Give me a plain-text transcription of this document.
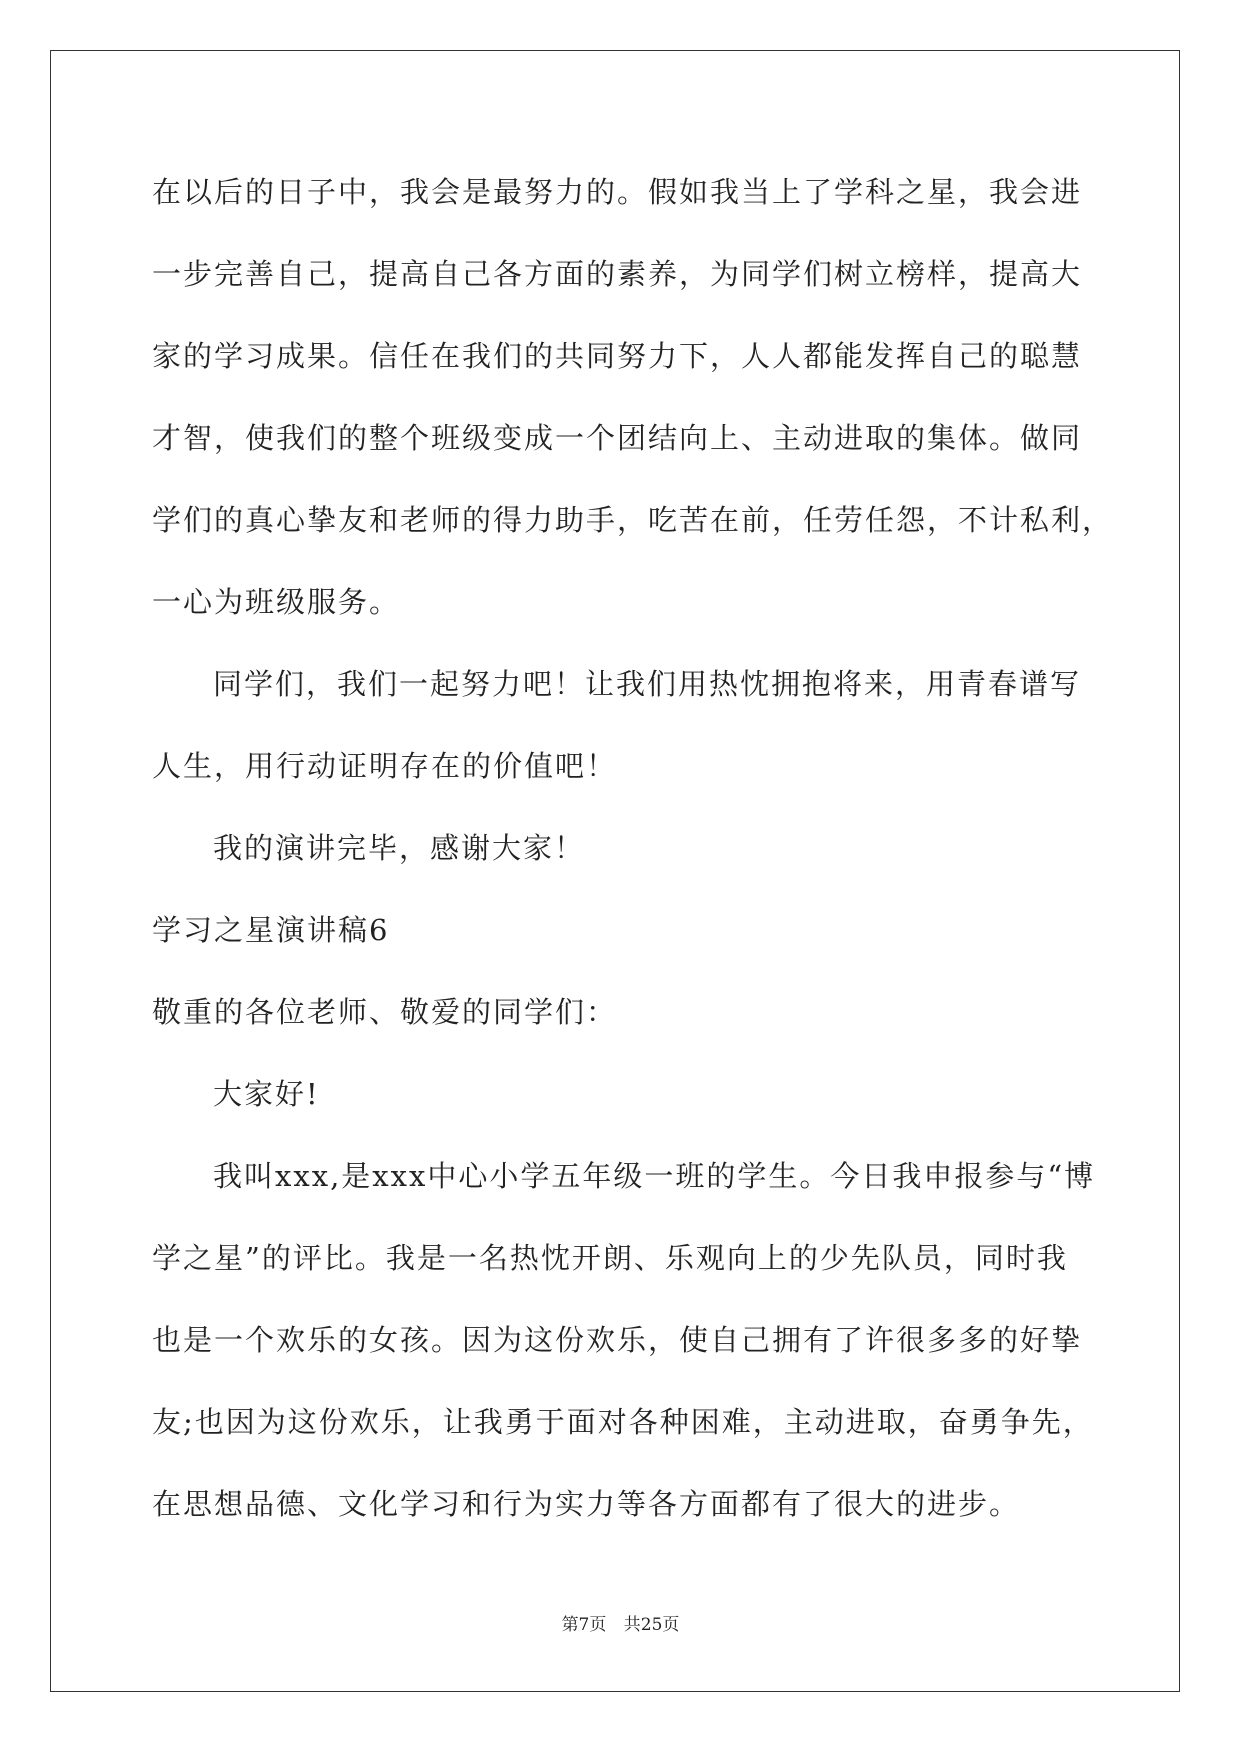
在以后的日子中，我会是最努力的。假如我当上了学科之星，我会进
一步完善自己，提高自己各方面的素养，为同学们树立榜样，提高大
家的学习成果。信任在我们的共同努力下，人人都能发挥自己的聪慧
才智，使我们的整个班级变成一个团结向上、主动进取的集体。做同
学们的真心挚友和老师的得力助手，吃苦在前，任劳任怨，不计私利，
一心为班级服务。
同学们，我们一起努力吧！让我们用热忱拥抱将来，用青春谱写
人生，用行动证明存在的价值吧！
我的演讲完毕，感谢大家！
学习之星演讲稿6
敬重的各位老师、敬爱的同学们：
大家好!
我叫xxx,是xxx中心小学五年级一班的学生。今日我申报参与“博
学之星”的评比。我是一名热忱开朗、乐观向上的少先队员，同时我
也是一个欢乐的女孩。因为这份欢乐，使自己拥有了许很多多的好挚
友;也因为这份欢乐，让我勇于面对各种困难，主动进取，奋勇争先，
在思想品德、文化学习和行为实力等各方面都有了很大的进步。
第7页 共25页
